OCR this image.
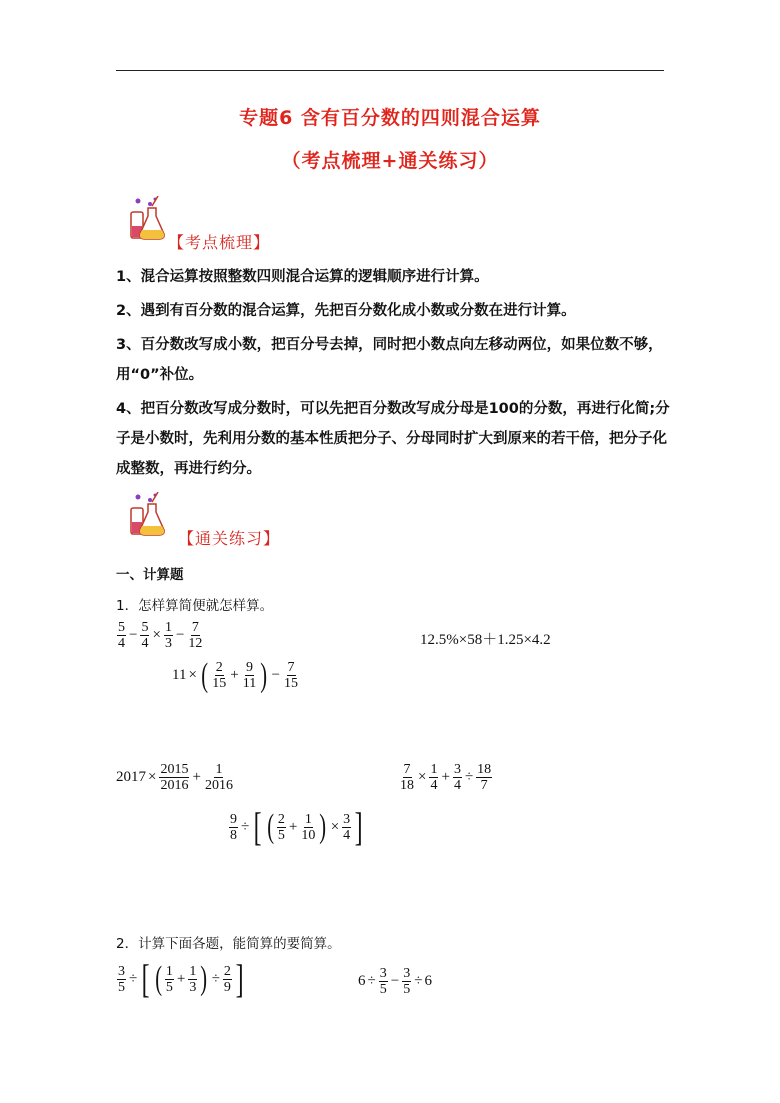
专题6 含有百分数的四则混合运算
（考点梳理+通关练习）
【考点梳理】

1、混合运算按照整数四则混合运算的逻辑顺序进行计算。

2、遇到有百分数的混合运算，先把百分数化成小数或分数在进行计算。

3、百分数改写成小数，把百分号去掉，同时把小数点向左移动两位，如果位数不够，用“0”补位。

4、把百分数改写成分数时，可以先把百分数改写成分母是100的分数，再进行化简;分子是小数时，先利用分数的基本性质把分子、分母同时扩大到原来的若干倍，把分子化成整数，再进行约分。

【通关练习】
一、计算题
1．怎样算简便就怎样算。
$\frac{5}{4} - \frac{5}{4} \times \frac{1}{3} - \frac{7}{12}$	12.5%×58＋1.25×4.2
11 × ( $\frac{2}{15} + \frac{9}{11}$ ) − $\frac{7}{15}$
$2017 \times \frac{2015}{2016} + \frac{1}{2016}$	$\frac{7}{18} \times \frac{1}{4} + \frac{3}{4} \div \frac{18}{7}$
$\frac{9}{8}$ ÷ [ ( $\frac{2}{5} + \frac{1}{10}$ ) × $\frac{3}{4}$ ]
2．计算下面各题，能简算的要简算。
$\frac{3}{5}$ ÷ [ ( $\frac{1}{5} + \frac{1}{3}$ ) ÷ $\frac{2}{9}$ ]	$6 \div \frac{3}{5} - \frac{3}{5} \div 6$
